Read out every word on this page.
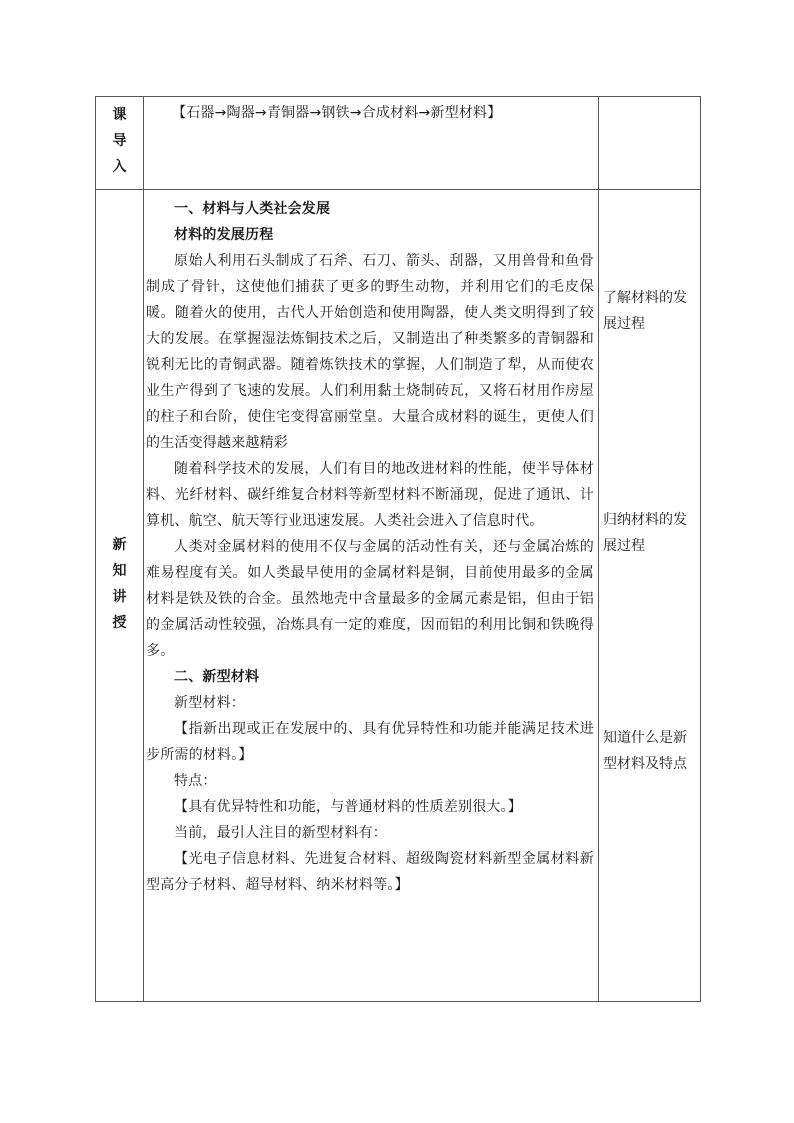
课
导
入
【石器→陶器→青铜器→钢铁→合成材料→新型材料】
新
知
讲
授

一、材料与人类社会发展

材料的发展历程

原始人利用石头制成了石斧、石刀、箭头、刮器，又用兽骨和鱼骨制成了骨针，这使他们捕获了更多的野生动物，并利用它们的毛皮保暖。随着火的使用，古代人开始创造和使用陶器，使人类文明得到了较大的发展。在掌握湿法炼铜技术之后，又制造出了种类繁多的青铜器和锐利无比的青铜武器。随着炼铁技术的掌握，人们制造了犁，从而使农业生产得到了飞速的发展。人们利用黏土烧制砖瓦，又将石材用作房屋的柱子和台阶，使住宅变得富丽堂皇。大量合成材料的诞生，更使人们的生活变得越来越精彩

随着科学技术的发展，人们有目的地改进材料的性能，使半导体材料、光纤材料、碳纤维复合材料等新型材料不断涌现，促进了通讯、计算机、航空、航天等行业迅速发展。人类社会进入了信息时代。

人类对金属材料的使用不仅与金属的活动性有关，还与金属冶炼的难易程度有关。如人类最早使用的金属材料是铜，目前使用最多的金属材料是铁及铁的合金。虽然地壳中含量最多的金属元素是铝，但由于铝的金属活动性较强，冶炼具有一定的难度，因而铝的利用比铜和铁晚得多。

二、新型材料

新型材料：

【指新出现或正在发展中的、具有优异特性和功能并能满足技术进步所需的材料。】

特点：

【具有优异特性和功能，与普通材料的性质差别很大。】

当前，最引人注目的新型材料有：

【光电子信息材料、先进复合材料、超级陶瓷材料新型金属材料新型高分子材料、超导材料、纳米材料等。】

了解材料的发展过程
归纳材料的发展过程
知道什么是新型材料及特点
